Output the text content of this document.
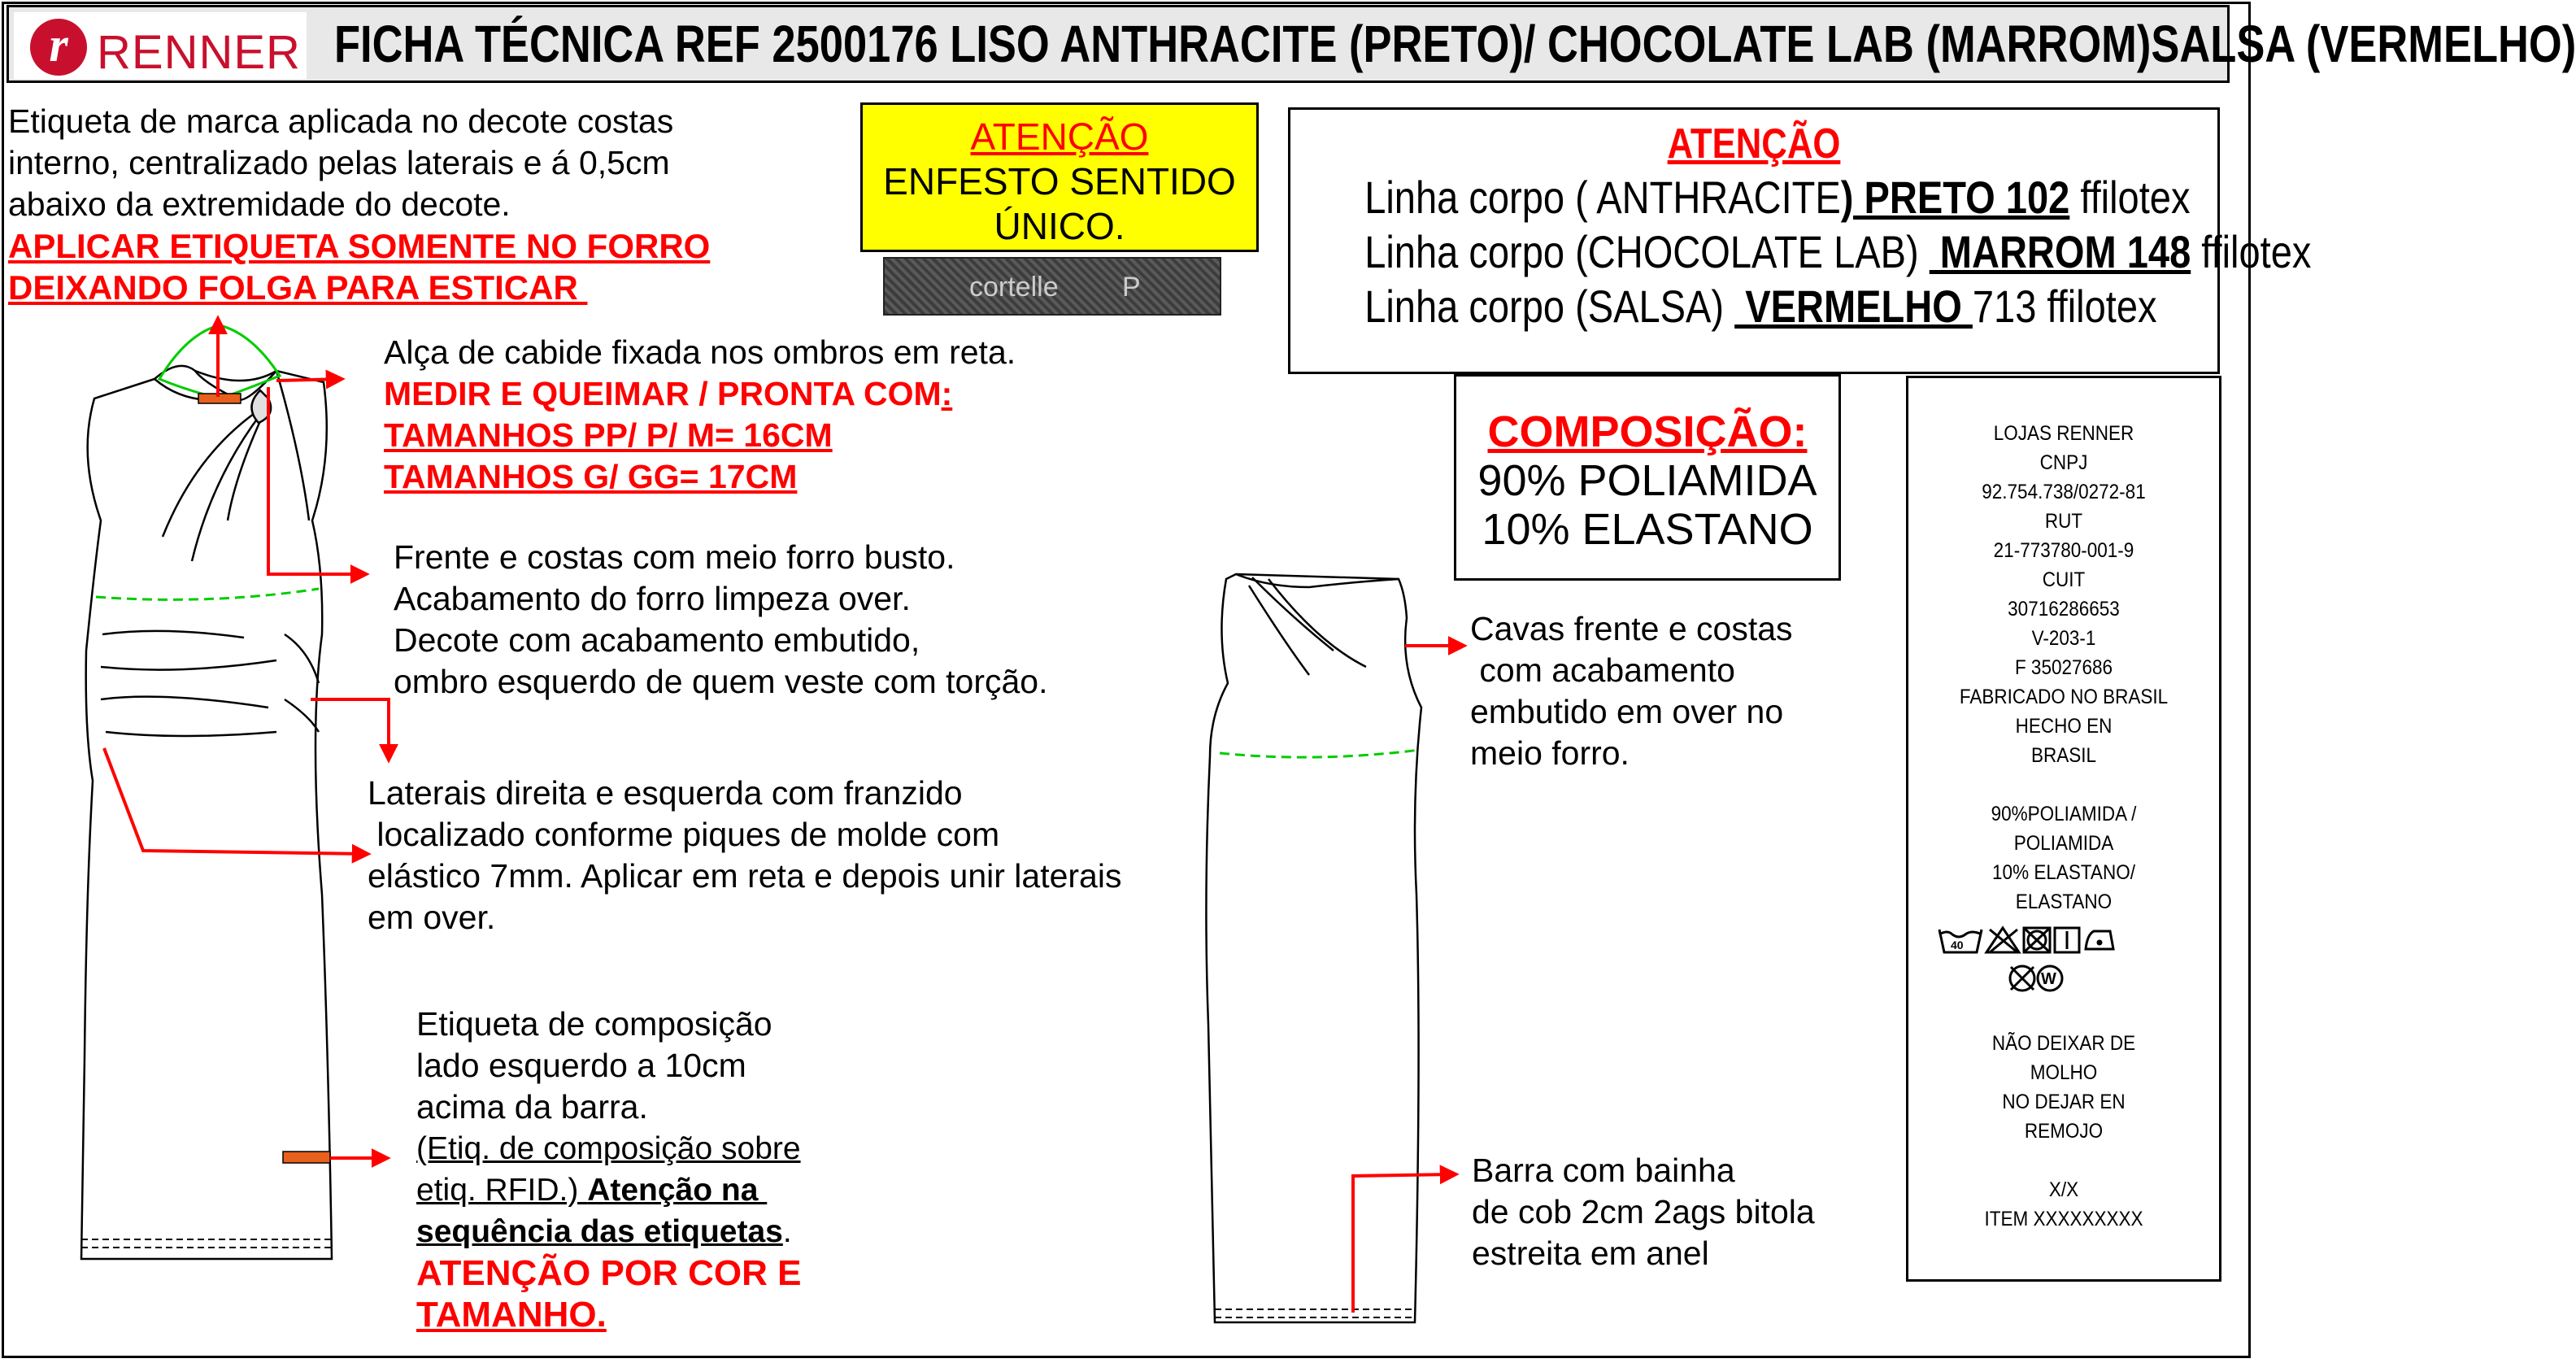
r RENNER FICHA TÉCNICA REF 2500176 LISO ANTHRACITE (PRETO)/ CHOCOLATE LAB (MARROM)SALSA (VERMELHO)
Etiqueta de marca aplicada no decote costas
interno, centralizado pelas laterais e á 0,5cm
abaixo da extremidade do decote.
APLICAR ETIQUETA SOMENTE NO FORRO
DEIXANDO FOLGA PARA ESTICAR
ATENÇÃO
ENFESTO SENTIDO
ÚNICO.
cortelle P
ATENÇÃO
Linha corpo ( ANTHRACITE) PRETO 102 ffilotex
Linha corpo (CHOCOLATE LAB)  MARROM 148 ffilotex
Linha corpo (SALSA)  VERMELHO 713 ffilotex
COMPOSIÇÃO:
90% POLIAMIDA
10% ELASTANO
LOJAS RENNER
CNPJ
92.754.738/0272-81
RUT
21-773780-001-9
CUIT
30716286653
V-203-1
F 35027686
FABRICADO NO BRASIL
HECHO EN
BRASIL

90%POLIAMIDA /
POLIAMIDA
10% ELASTANO/
ELASTANO
40
W
NÃO DEIXAR DE
MOLHO
NO DEJAR EN
REMOJO

X/X
ITEM XXXXXXXXX
Alça de cabide fixada nos ombros em reta.
MEDIR E QUEIMAR / PRONTA COM:
TAMANHOS PP/ P/ M= 16CM
TAMANHOS G/ GG= 17CM
Frente e costas com meio forro busto.
Acabamento do forro limpeza over.
Decote com acabamento embutido,
ombro esquerdo de quem veste com torção.
Laterais direita e esquerda com franzido
localizado conforme piques de molde com
elástico 7mm. Aplicar em reta e depois unir laterais
em over.
Etiqueta de composição
lado esquerdo a 10cm
acima da barra.
(Etiq. de composição sobre
etiq. RFID.) Atenção na
sequência das etiquetas.
ATENÇÃO POR COR E
TAMANHO.
Cavas frente e costas
com acabamento
embutido em over no
meio forro.
Barra com bainha
de cob 2cm 2ags bitola
estreita em anel
